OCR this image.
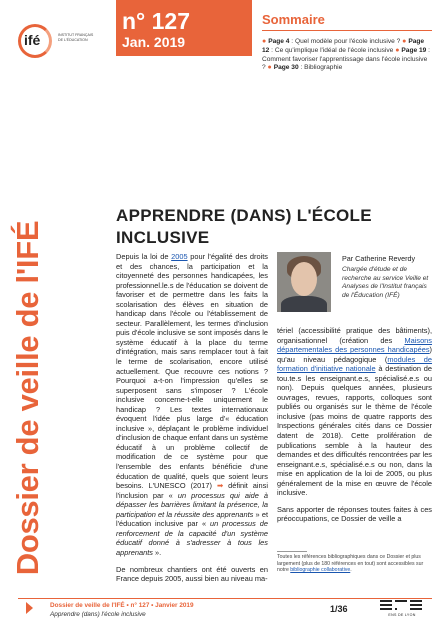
n° 127
Jan. 2019
ifé	INSTITUT FRANÇAIS DE L'ÉDUCATION
Sommaire
● Page 4 : Quel modèle pour l'école inclusive ? ● Page 12 : Ce qu'implique l'idéal de l'école inclusive ● Page 19 : Comment favoriser l'apprentissage dans l'école inclusive ? ● Page 30 : Bibliographie
Dossier de veille de l'IFÉ
APPRENDRE (DANS) L'ÉCOLE INCLUSIVE

Depuis la loi de 2005 pour l'égalité des droits et des chances, la participation et la citoyenneté des personnes handicapées, les professionnel.le.s de l'éducation se doivent de favoriser et de permettre dans les faits la scolarisation des élèves en situation de handicap dans l'école ou l'établissement de secteur. Parallèlement, les termes d'inclusion puis d'école inclusive se sont imposés dans le système éducatif à la place du terme d'intégration, mais sans remplacer tout à fait le terme de scolarisation, encore utilisé actuellement. Que recouvre ces notions ? Pourquoi a-t-on l'impression qu'elles se superposent sans s'imposer ? L'école inclusive concerne-t-elle uniquement le handicap ? Les textes internationaux évoquent l'idée plus large d'« éducation inclusive », déplaçant le problème individuel d'inclusion de chaque enfant dans un système éducatif à un problème collectif de modification de ce système pour que l'ensemble des enfants bénéficie d'une éducation de qualité, quels que soient leurs besoins. L'UNESCO (2017) ➡ définit ainsi l'inclusion par « un processus qui aide à dépasser les barrières limitant la présence, la participation et la réussite des apprenants » et l'éducation inclusive par « un processus de renforcement de la capacité d'un système éducatif donné à s'adresser à tous les apprenants ».

De nombreux chantiers ont été ouverts en France depuis 2005, aussi bien au niveau ma-

Par Catherine Reverdy
Chargée d'étude et de recherche au service Veille et Analyses de l'Institut français de l'Éducation (IFÉ)

tériel (accessibilité pratique des bâtiments), organisationnel (création des Maisons départementales des personnes handicapées) qu'au niveau pédagogique (modules de formation d'initiative nationale à destination de tou.te.s les enseignant.e.s, spécialisé.e.s ou non). Depuis quelques années, plusieurs ouvrages, revues, rapports, colloques sont publiés ou organisés sur le thème de l'école inclusive (pas moins de quatre rapports des Inspections générales cités dans ce Dossier datent de 2018). Cette prolifération de publications semble à la hauteur des demandes et des difficultés rencontrées par les enseignant.e.s, spécialisé.e.s ou non, dans la mise en application de la loi de 2005, ou plus généralement de la mise en œuvre de l'école inclusive.

Sans apporter de réponses toutes faites à ces préoccupations, ce Dossier de veille a

Toutes les références bibliographiques dans ce Dossier et plus largement (plus de 180 références en tout) sont accessibles sur notre bibliographie collaborative.
Dossier de veille de l'IFÉ • n° 127 • Janvier 2019
Apprendre (dans) l'école inclusive
1/36
ENS DE LYON
